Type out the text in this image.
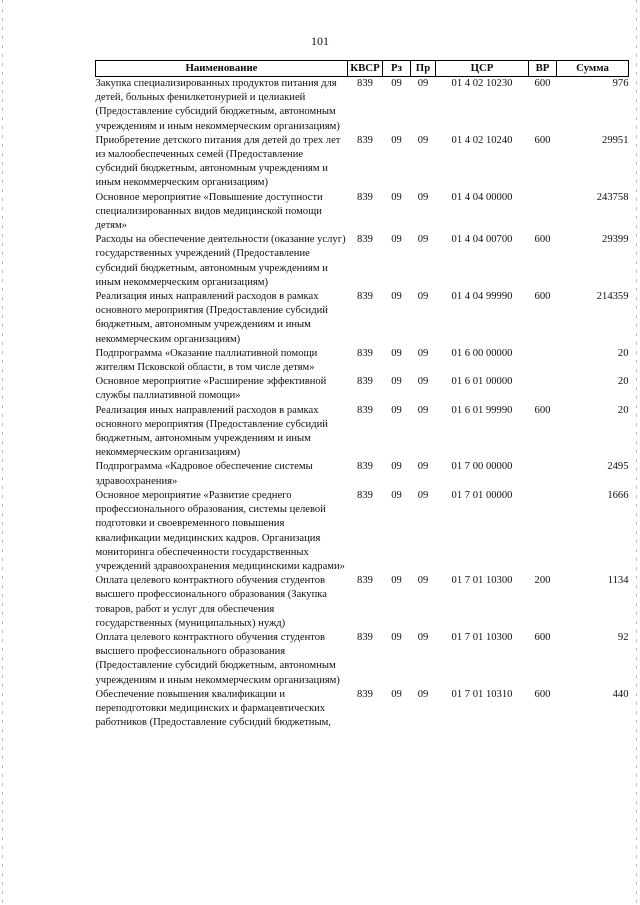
101
Наименование	КВСР	Рз	Пр	ЦСР	ВР	Сумма
Закупка специализированных продуктов питания для детей, больных фенилкетонурией и целиакией (Предоставление субсидий бюджетным, автономным учреждениям и иным некоммерческим организациям)	839	09	09	01 4 02 10230	600	976
Приобретение детского питания для детей до трех лет из малообеспеченных семей (Предоставление субсидий бюджетным, автономным учреждениям и иным некоммерческим организациям)	839	09	09	01 4 02 10240	600	29951
Основное мероприятие «Повышение доступности специализированных видов медицинской помощи детям»	839	09	09	01 4 04 00000		243758
Расходы на обеспечение деятельности (оказание услуг) государственных учреждений (Предоставление субсидий бюджетным, автономным учреждениям и иным некоммерческим организациям)	839	09	09	01 4 04 00700	600	29399
Реализация иных направлений расходов в рамках основного мероприятия (Предоставление субсидий бюджетным, автономным учреждениям и иным некоммерческим организациям)	839	09	09	01 4 04 99990	600	214359
Подпрограмма «Оказание паллиативной помощи жителям Псковской области, в том числе детям»	839	09	09	01 6 00 00000		20
Основное мероприятие «Расширение эффективной службы паллиативной помощи»	839	09	09	01 6 01 00000		20
Реализация иных направлений расходов в рамках основного мероприятия (Предоставление субсидий бюджетным, автономным учреждениям и иным некоммерческим организациям)	839	09	09	01 6 01 99990	600	20
Подпрограмма «Кадровое обеспечение системы здравоохранения»	839	09	09	01 7 00 00000		2495
Основное мероприятие «Развитие среднего профессионального образования, системы целевой подготовки и своевременного повышения квалификации медицинских кадров. Организация мониторинга обеспеченности государственных учреждений здравоохранения медицинскими кадрами»	839	09	09	01 7 01 00000		1666
Оплата целевого контрактного обучения студентов высшего профессионального образования (Закупка товаров, работ и услуг для обеспечения государственных (муниципальных) нужд)	839	09	09	01 7 01 10300	200	1134
Оплата целевого контрактного обучения студентов высшего профессионального образования (Предоставление субсидий бюджетным, автономным учреждениям и иным некоммерческим организациям)	839	09	09	01 7 01 10300	600	92
Обеспечение повышения квалификации и переподготовки медицинских и фармацевтических работников (Предоставление субсидий бюджетным,	839	09	09	01 7 01 10310	600	440
